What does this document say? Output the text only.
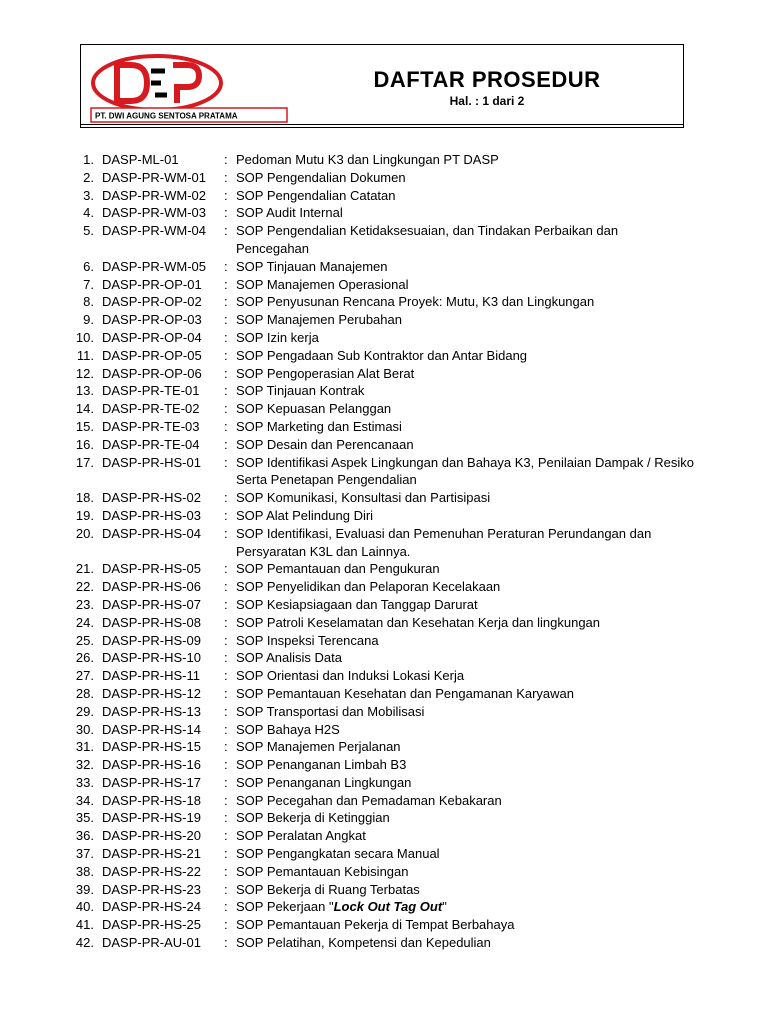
PT. DWI AGUNG SENTOSA PRATAMA
DAFTAR PROSEDUR
Hal. : 1 dari 2
1. DASP-ML-01	: Pedoman Mutu K3 dan Lingkungan PT DASP
2. DASP-PR-WM-01 : SOP Pengendalian Dokumen
3. DASP-PR-WM-02 : SOP Pengendalian Catatan
4. DASP-PR-WM-03 : SOP Audit Internal
5. DASP-PR-WM-04 : SOP Pengendalian Ketidaksesuaian, dan Tindakan Perbaikan dan Pencegahan
6. DASP-PR-WM-05 : SOP Tinjauan Manajemen
7. DASP-PR-OP-01 : SOP Manajemen Operasional
8. DASP-PR-OP-02 : SOP Penyusunan Rencana Proyek: Mutu, K3 dan Lingkungan
9. DASP-PR-OP-03 : SOP Manajemen Perubahan
10. DASP-PR-OP-04 : SOP Izin kerja
11. DASP-PR-OP-05 : SOP Pengadaan Sub Kontraktor dan Antar Bidang
12. DASP-PR-OP-06 : SOP Pengoperasian Alat Berat
13. DASP-PR-TE-01 : SOP Tinjauan Kontrak
14. DASP-PR-TE-02 : SOP Kepuasan Pelanggan
15. DASP-PR-TE-03 : SOP Marketing dan Estimasi
16. DASP-PR-TE-04 : SOP Desain dan Perencanaan
17. DASP-PR-HS-01 : SOP Identifikasi Aspek Lingkungan dan Bahaya K3, Penilaian Dampak / Resiko Serta Penetapan Pengendalian
18. DASP-PR-HS-02 : SOP Komunikasi, Konsultasi dan Partisipasi
19. DASP-PR-HS-03 : SOP Alat Pelindung Diri
20. DASP-PR-HS-04 : SOP Identifikasi, Evaluasi dan Pemenuhan Peraturan Perundangan dan Persyaratan K3L dan Lainnya.
21. DASP-PR-HS-05 : SOP Pemantauan dan Pengukuran
22. DASP-PR-HS-06 : SOP Penyelidikan dan Pelaporan Kecelakaan
23. DASP-PR-HS-07 : SOP Kesiapsiagaan dan Tanggap Darurat
24. DASP-PR-HS-08 : SOP Patroli Keselamatan dan Kesehatan Kerja dan lingkungan
25. DASP-PR-HS-09 : SOP Inspeksi Terencana
26. DASP-PR-HS-10 : SOP Analisis Data
27. DASP-PR-HS-11 : SOP Orientasi dan Induksi Lokasi Kerja
28. DASP-PR-HS-12 : SOP Pemantauan Kesehatan dan Pengamanan Karyawan
29. DASP-PR-HS-13 : SOP Transportasi dan Mobilisasi
30. DASP-PR-HS-14 : SOP Bahaya H2S
31. DASP-PR-HS-15 : SOP Manajemen Perjalanan
32. DASP-PR-HS-16 : SOP Penanganan Limbah B3
33. DASP-PR-HS-17 : SOP Penanganan Lingkungan
34. DASP-PR-HS-18 : SOP Pecegahan dan Pemadaman Kebakaran
35. DASP-PR-HS-19 : SOP Bekerja di Ketinggian
36. DASP-PR-HS-20 : SOP Peralatan Angkat
37. DASP-PR-HS-21 : SOP Pengangkatan secara Manual
38. DASP-PR-HS-22 : SOP Pemantauan Kebisingan
39. DASP-PR-HS-23 : SOP Bekerja di Ruang Terbatas
40. DASP-PR-HS-24 : SOP Pekerjaan "Lock Out Tag Out"
41. DASP-PR-HS-25 : SOP Pemantauan Pekerja di Tempat Berbahaya
42. DASP-PR-AU-01 : SOP Pelatihan, Kompetensi dan Kepedulian
